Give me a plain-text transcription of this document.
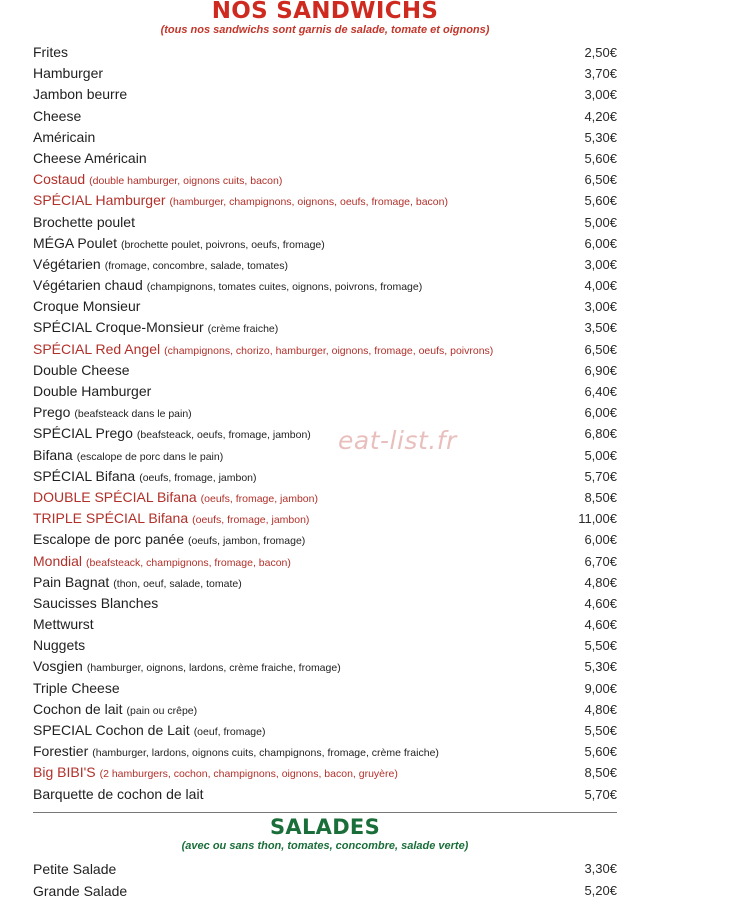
NOS SANDWICHS
(tous nos sandwichs sont garnis de salade, tomate et oignons)
Frites	2,50€
Hamburger	3,70€
Jambon beurre	3,00€
Cheese	4,20€
Américain	5,30€
Cheese Américain	5,60€
Costaud (double hamburger, oignons cuits, bacon)	6,50€
SPÉCIAL Hamburger (hamburger, champignons, oignons, oeufs, fromage, bacon)	5,60€
Brochette poulet	5,00€
MÉGA Poulet (brochette poulet, poivrons, oeufs, fromage)	6,00€
Végétarien (fromage, concombre, salade, tomates)	3,00€
Végétarien chaud (champignons, tomates cuites, oignons, poivrons, fromage)	4,00€
Croque Monsieur	3,00€
SPÉCIAL Croque-Monsieur (crème fraiche)	3,50€
SPÉCIAL Red Angel (champignons, chorizo, hamburger, oignons, fromage, oeufs, poivrons)	6,50€
Double Cheese	6,90€
Double Hamburger	6,40€
Prego (beafsteack dans le pain)	6,00€
SPÉCIAL Prego (beafsteack, oeufs, fromage, jambon)	6,80€
Bifana (escalope de porc dans le pain)	5,00€
SPÉCIAL Bifana (oeufs, fromage, jambon)	5,70€
DOUBLE SPÉCIAL Bifana (oeufs, fromage, jambon)	8,50€
TRIPLE SPÉCIAL Bifana (oeufs, fromage, jambon)	11,00€
Escalope de porc panée (oeufs, jambon, fromage)	6,00€
Mondial (beafsteack, champignons, fromage, bacon)	6,70€
Pain Bagnat (thon, oeuf, salade, tomate)	4,80€
Saucisses Blanches	4,60€
Mettwurst	4,60€
Nuggets	5,50€
Vosgien (hamburger, oignons, lardons, crème fraiche, fromage)	5,30€
Triple Cheese	9,00€
Cochon de lait (pain ou crêpe)	4,80€
SPECIAL Cochon de Lait (oeuf, fromage)	5,50€
Forestier (hamburger, lardons, oignons cuits, champignons, fromage, crème fraiche)	5,60€
Big BIBI'S (2 hamburgers, cochon, champignons, oignons, bacon, gruyère)	8,50€
Barquette de cochon de lait	5,70€
eat-list.fr
SALADES
(avec ou sans thon, tomates, concombre, salade verte)
Petite Salade	3,30€
Grande Salade	5,20€
